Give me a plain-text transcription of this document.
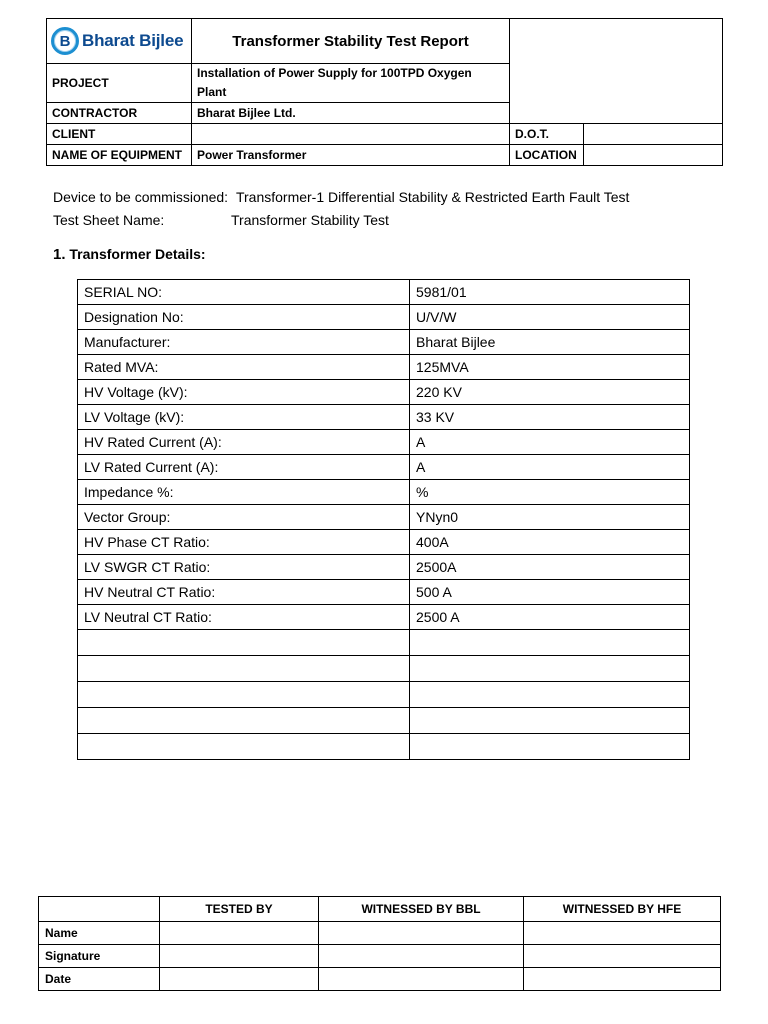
B Bharat Bijlee	Transformer Stability Test Report		
PROJECT	Installation of Power Supply for 100TPD Oxygen Plant		
CONTRACTOR	Bharat Bijlee Ltd.		
CLIENT		D.O.T.	
NAME OF EQUIPMENT	Power Transformer	LOCATION	
Device to be commissioned: Transformer-1 Differential Stability & Restricted Earth Fault Test
Test Sheet Name:	Transformer Stability Test
1. Transformer Details:
SERIAL NO:	5981/01
Designation No:	U/V/W
Manufacturer:	Bharat Bijlee
Rated MVA:	125MVA
HV Voltage (kV):	220 KV
LV Voltage (kV):	33 KV
HV Rated Current (A):	A
LV Rated Current (A):	A
Impedance %:	%
Vector Group:	YNyn0
HV Phase CT Ratio:	400A
LV SWGR CT Ratio:	2500A
HV Neutral CT Ratio:	500 A
LV Neutral CT Ratio:	2500 A

	TESTED BY	WITNESSED BY BBL	WITNESSED BY HFE
Name			
Signature			
Date			
